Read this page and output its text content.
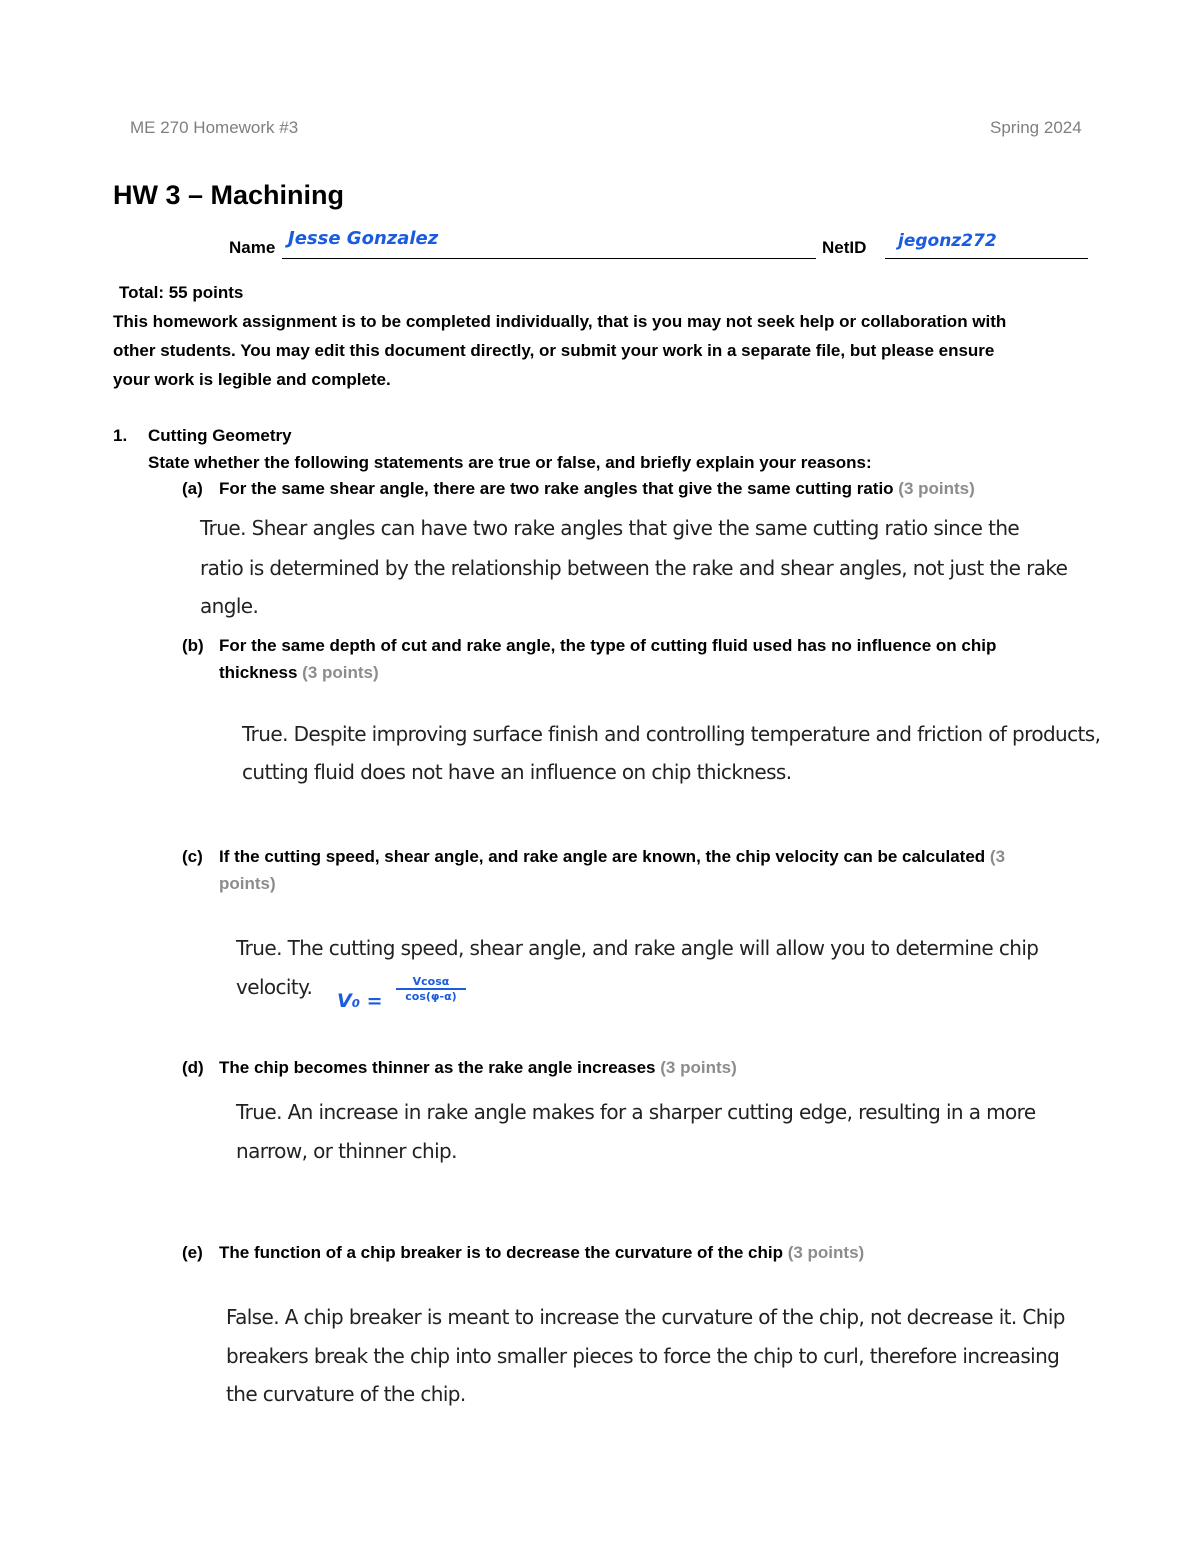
ME 270 Homework #3	Spring 2024
HW 3 – Machining
Name Jesse Gonzalez	NetID jegonz272
Total: 55 points
This homework assignment is to be completed individually, that is you may not seek help or collaboration with
other students. You may edit this document directly, or submit your work in a separate file, but please ensure
your work is legible and complete.
1. Cutting Geometry
State whether the following statements are true or false, and briefly explain your reasons:
(a) For the same shear angle, there are two rake angles that give the same cutting ratio (3 points)
True. Shear angles can have two rake angles that give the same cutting ratio since the
ratio is determined by the relationship between the rake and shear angles, not just the rake
angle.
(b) For the same depth of cut and rake angle, the type of cutting fluid used has no influence on chip
thickness (3 points)
True. Despite improving surface finish and controlling temperature and friction of products,
cutting fluid does not have an influence on chip thickness.
(c) If the cutting speed, shear angle, and rake angle are known, the chip velocity can be calculated (3
points)
True. The cutting speed, shear angle, and rake angle will allow you to determine chip
velocity.
V₀ =
Vcosα
cos(φ-α)
(d) The chip becomes thinner as the rake angle increases (3 points)
True. An increase in rake angle makes for a sharper cutting edge, resulting in a more
narrow, or thinner chip.
(e) The function of a chip breaker is to decrease the curvature of the chip (3 points)
False. A chip breaker is meant to increase the curvature of the chip, not decrease it. Chip
breakers break the chip into smaller pieces to force the chip to curl, therefore increasing
the curvature of the chip.
